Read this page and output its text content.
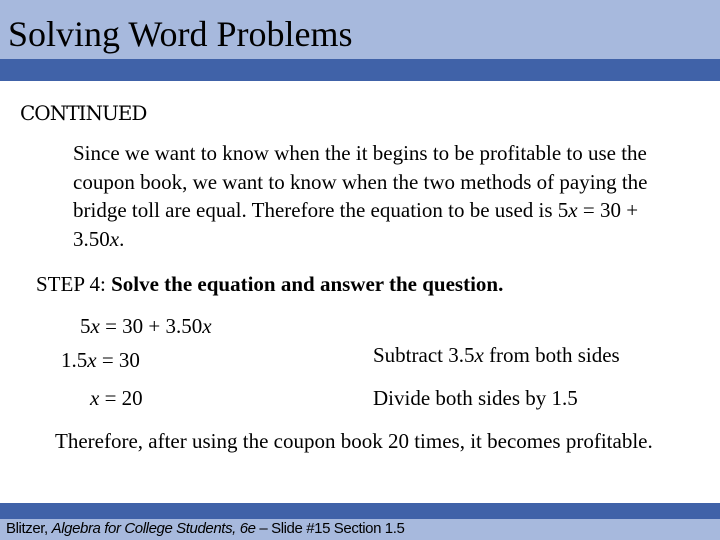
Solving Word Problems
CONTINUED
Since we want to know when the it begins to be profitable to use the coupon book, we want to know when the two methods of paying the bridge toll are equal. Therefore the equation to be used is 5x = 30 + 3.50x.
STEP 4: Solve the equation and answer the question.
5x = 30 + 3.50x
1.5x = 30	Subtract 3.5x from both sides
x = 20	Divide both sides by 1.5
Therefore, after using the coupon book 20 times, it becomes profitable.
Blitzer, Algebra for College Students, 6e – Slide #15 Section 1.5
